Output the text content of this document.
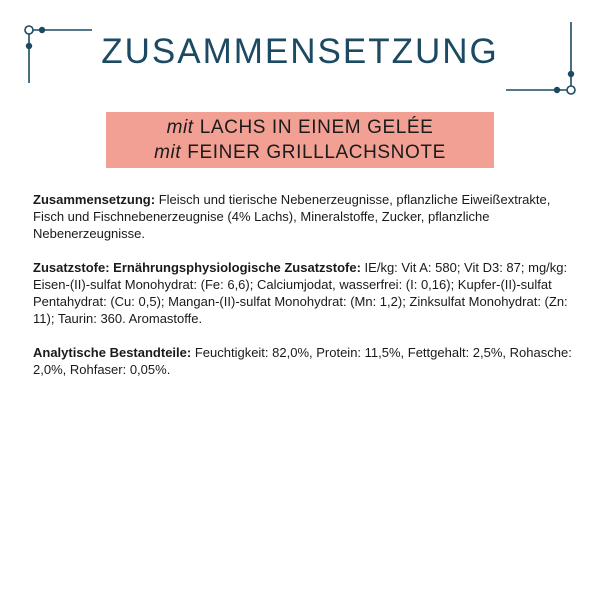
ZUSAMMENSETZUNG
mit LACHS IN EINEM GELÉE
mit FEINER GRILLLACHSNOTE

Zusammensetzung: Fleisch und tierische Nebenerzeugnisse, pflanzliche Eiweißextrakte, Fisch und Fischnebenerzeugnise (4% Lachs), Mineralstoffe, Zucker, pflanzliche Nebenerzeugnisse.

Zusatzstofe: Ernährungsphysiologische Zusatzstofe: IE/kg: Vit A: 580; Vit D3: 87; mg/kg: Eisen-(II)-sulfat Monohydrat: (Fe: 6,6); Calciumjodat, wasserfrei: (I: 0,16); Kupfer-(II)-sulfat Pentahydrat: (Cu: 0,5); Mangan-(II)-sulfat Monohydrat: (Mn: 1,2); Zinksulfat Monohydrat: (Zn: 11); Taurin: 360. Aromastoffe.

Analytische Bestandteile: Feuchtigkeit: 82,0%, Protein: 11,5%, Fettgehalt: 2,5%, Rohasche: 2,0%, Rohfaser: 0,05%.
